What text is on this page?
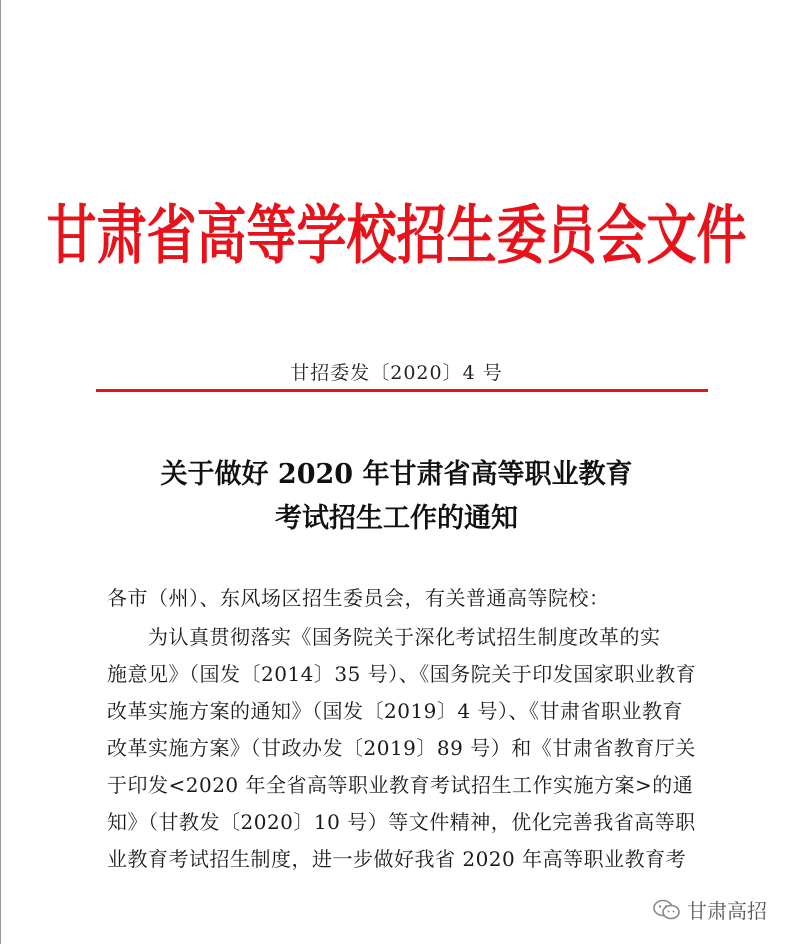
甘肃省高等学校招生委员会文件
甘招委发〔2020〕4 号
关于做好 2020 年甘肃省高等职业教育
考试招生工作的通知
各市（州）、东风场区招生委员会，有关普通高等院校：
　　为认真贯彻落实《国务院关于深化考试招生制度改革的实
施意见》（国发〔2014〕35 号）、《国务院关于印发国家职业教育
改革实施方案的通知》（国发〔2019〕4 号）、《甘肃省职业教育
改革实施方案》（甘政办发〔2019〕89 号）和《甘肃省教育厅关
于印发<2020 年全省高等职业教育考试招生工作实施方案>的通
知》（甘教发〔2020〕10 号）等文件精神，优化完善我省高等职
业教育考试招生制度，进一步做好我省 2020 年高等职业教育考
甘肃高招
